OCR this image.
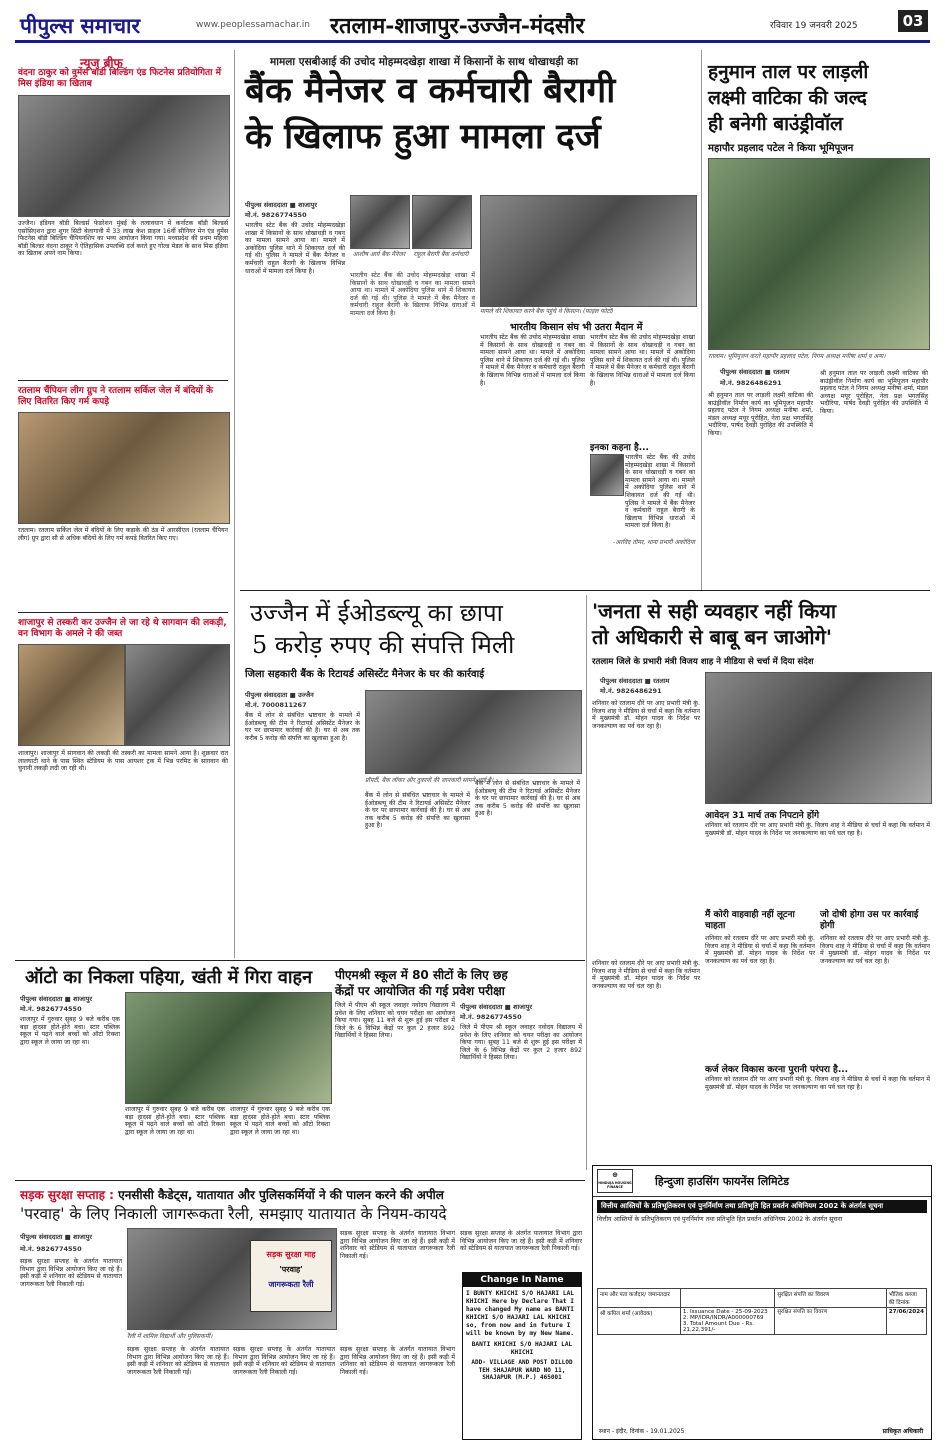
पीपुल्स समाचार	www.peoplessamachar.in रतलाम-शाजापुर-उज्जैन-मंदसौर	रविवार 19 जनवरी 2025	03
न्यूज ब्रीफ
वंदना ठाकुर को वुमेंस बॉडी बिल्डिंग एंड फिटनेस प्रतियोगिता में मिस इंडिया का खिताब
उज्जैन। इंडियन बॉडी बिल्डर्स फेडरेशन मुंबई के तत्वावधान में कर्नाटक बॉडी बिल्डर्स एसोसिएशन द्वारा शुगर सिटी बेलागावी में 33 लाख केश प्राइज 16वीं सीनियर मेन एंड वुमेंस फिटनेस बॉडी बिल्डिंग चैंपियनशिप का भव्य आयोजन किया गया। मध्यप्रदेश की प्रथम महिला बॉडी बिल्डर वंदना ठाकुर ने ऐतिहासिक उपलब्धि दर्ज करते हुए गोल्ड मेडल के साथ मिस इंडिया का खिताब अपने नाम किया।
रतलाम चैंपियन लीग ग्रुप ने रतलाम सर्किल जेल में बंदियों के लिए वितरित किए गर्म कपड़े
रतलाम। रतलाम सर्किल जेल में बंदियों के लिए कड़ाके की ठंड में आरसीएल (रतलाम चैंपियन लीग) ग्रुप द्वारा सौ से अधिक बंदियों के लिए गर्म कपड़े वितरित किए गए।
शाजापुर से तस्करी कर उज्जैन ले जा रहे थे सागवान की लकड़ी, वन विभाग के अमले ने की जब्त
शाजापुर। शाजापुर में सागवान की लकड़ी की तस्करी का मामला सामने आया है। शुक्रवार रात लालघाटी थाने के पास स्थित स्टेडियम के पास आयशर ट्रक में भिन्न परमिट के साग़वान की चुनानी लकड़ी लदी जा रही थी।
मामला एसबीआई की उचोद मोहम्मदखेड़ा शाखा में किसानों के साथ धोखाधड़ी का
बैंक मैनेजर व कर्मचारी बैरागी
के खिलाफ हुआ मामला दर्ज
पीपुल्स संवाददाता ■ शाजापुर
मो.नं. 9826774550
भारतीय स्टेट बैंक की उचोद मोहम्मदखेड़ा शाखा में किसानों के साथ धोखाधड़ी व गबन का मामला सामने आया था। मामले में अकोदिया पुलिस थाने में शिकायत दर्ज की गई थी। पुलिस ने मामले में बैंक मैनेजर व कर्मचारी राहुल बैरागी के खिलाफ विभिन्न धाराओं में मामला दर्ज किया है।
आशीष आर्य बैंक मैनेजर	राहुल बैरागी बैंक कर्मचारी
भारतीय स्टेट बैंक की उचोद मोहम्मदखेड़ा शाखा में किसानों के साथ धोखाधड़ी व गबन का मामला सामने आया था। मामले में अकोदिया पुलिस थाने में शिकायत दर्ज की गई थी। पुलिस ने मामले में बैंक मैनेजर व कर्मचारी राहुल बैरागी के खिलाफ विभिन्न धाराओं में मामला दर्ज किया है।	मामले की शिकायत करने बैंक पहुंचे थे किसान। (फाइल फोटो)
भारतीय किसान संघ भी उतरा मैदान में
भारतीय स्टेट बैंक की उचोद मोहम्मदखेड़ा शाखा में किसानों के साथ धोखाधड़ी व गबन का मामला सामने आया था। मामले में अकोदिया पुलिस थाने में शिकायत दर्ज की गई थी। पुलिस ने मामले में बैंक मैनेजर व कर्मचारी राहुल बैरागी के खिलाफ विभिन्न धाराओं में मामला दर्ज किया है।
भारतीय स्टेट बैंक की उचोद मोहम्मदखेड़ा शाखा में किसानों के साथ धोखाधड़ी व गबन का मामला सामने आया था। मामले में अकोदिया पुलिस थाने में शिकायत दर्ज की गई थी। पुलिस ने मामले में बैंक मैनेजर व कर्मचारी राहुल बैरागी के खिलाफ विभिन्न धाराओं में मामला दर्ज किया है।
इनका कहना है...
भारतीय स्टेट बैंक की उचोद मोहम्मदखेड़ा शाखा में किसानों के साथ धोखाधड़ी व गबन का मामला सामने आया था। मामले में अकोदिया पुलिस थाने में शिकायत दर्ज की गई थी। पुलिस ने मामले में बैंक मैनेजर व कर्मचारी राहुल बैरागी के खिलाफ विभिन्न धाराओं में मामला दर्ज किया है।
-अरविंद तोमर, थाना प्रभारी अकोदिया
हनुमान ताल पर लाड़ली
लक्ष्मी वाटिका की जल्द
ही बनेगी बाउंड्रीवॉल
महापौर प्रहलाद पटेल ने किया भूमिपूजन
रतलाम। भूमिपूजन करते महापौर प्रहलाद पटेल, निगम अध्यक्ष मनीषा शर्मा व अन्य।
पीपुल्स संवाददाता ■ रतलाम
मो.नं. 9826486291
श्री हनुमान ताल पर लाड़ली लक्ष्मी वाटिका की बाउंड्रीवॉल निर्माण कार्य का भूमिपूजन महापौर प्रहलाद पटेल ने निगम अध्यक्ष मनीषा शर्मा, मंडल अध्यक्ष मयूर पुरोहित, नेता प्रक्ष भगतसिंह भदौरिया, पार्षद देवड़ी पुरोहित की उपस्थिति में किया।
श्री हनुमान ताल पर लाड़ली लक्ष्मी वाटिका की बाउंड्रीवॉल निर्माण कार्य का भूमिपूजन महापौर प्रहलाद पटेल ने निगम अध्यक्ष मनीषा शर्मा, मंडल अध्यक्ष मयूर पुरोहित, नेता प्रक्ष भगतसिंह भदौरिया, पार्षद देवड़ी पुरोहित की उपस्थिति में किया।
उज्जैन में ईओडब्ल्यू का छापा
5 करोड़ रुपए की संपत्ति मिली
जिला सहकारी बैंक के रिटायर्ड असिस्टेंट मैनेजर के घर की कार्रवाई
पीपुल्स संवाददाता ■ उज्जैन
मो.नं. 7000811267
बैंक में लोन से संबंधित भ्रष्टाचार के मामले में ईओडब्ल्यू की टीम ने रिटायर्ड असिस्टेंट मैनेजर के घर पर छापामार कार्रवाई की है। घर से अब तक करीब 5 करोड़ की संपत्ति का खुलासा हुआ है।
प्रॉपर्टी, बैंक लॉकर और दुकानों की जानकारी सामने आई है।
बैंक में लोन से संबंधित भ्रष्टाचार के मामले में ईओडब्ल्यू की टीम ने रिटायर्ड असिस्टेंट मैनेजर के घर पर छापामार कार्रवाई की है। घर से अब तक करीब 5 करोड़ की संपत्ति का खुलासा हुआ है।
बैंक में लोन से संबंधित भ्रष्टाचार के मामले में ईओडब्ल्यू की टीम ने रिटायर्ड असिस्टेंट मैनेजर के घर पर छापामार कार्रवाई की है। घर से अब तक करीब 5 करोड़ की संपत्ति का खुलासा हुआ है।
'जनता से सही व्यवहार नहीं किया
तो अधिकारी से बाबू बन जाओगे'
रतलाम जिले के प्रभारी मंत्री विजय शाह ने मीडिया से चर्चा में दिया संदेश
पीपुल्स संवाददाता ■ रतलाम
मो.नं. 9826486291
शनिवार को रतलाम दौरे पर आए प्रभारी मंत्री कुं. विजय शाह ने मीडिया से चर्चा में कहा कि वर्तमान में मुख्यमंत्री डॉ. मोहन यादव के निर्देश पर जनकल्याण का पर्व चल रहा है।
आवेदन 31 मार्च तक निपटाने होंगे
शनिवार को रतलाम दौरे पर आए प्रभारी मंत्री कुं. विजय शाह ने मीडिया से चर्चा में कहा कि वर्तमान में मुख्यमंत्री डॉ. मोहन यादव के निर्देश पर जनकल्याण का पर्व चल रहा है।
मैं कोरी वाहवाही नहीं लूटना चाहता
शनिवार को रतलाम दौरे पर आए प्रभारी मंत्री कुं. विजय शाह ने मीडिया से चर्चा में कहा कि वर्तमान में मुख्यमंत्री डॉ. मोहन यादव के निर्देश पर जनकल्याण का पर्व चल रहा है।
जो दोषी होगा उस पर कार्रवाई होगी
शनिवार को रतलाम दौरे पर आए प्रभारी मंत्री कुं. विजय शाह ने मीडिया से चर्चा में कहा कि वर्तमान में मुख्यमंत्री डॉ. मोहन यादव के निर्देश पर जनकल्याण का पर्व चल रहा है।
कर्ज लेकर विकास करना पुरानी परंपरा है...
शनिवार को रतलाम दौरे पर आए प्रभारी मंत्री कुं. विजय शाह ने मीडिया से चर्चा में कहा कि वर्तमान में मुख्यमंत्री डॉ. मोहन यादव के निर्देश पर जनकल्याण का पर्व चल रहा है।
शनिवार को रतलाम दौरे पर आए प्रभारी मंत्री कुं. विजय शाह ने मीडिया से चर्चा में कहा कि वर्तमान में मुख्यमंत्री डॉ. मोहन यादव के निर्देश पर जनकल्याण का पर्व चल रहा है।
ऑटो का निकला पहिया, खंती में गिरा वाहन
पीपुल्स संवाददाता ■ शाजापुर
मो.नं. 9826774550
शाजापुर में गुरुवार सुबह 9 बजे करीब एक बड़ा हादसा होते-होते बचा। स्टार पब्लिक स्कूल में पढ़ने वाले बच्चों को ऑटो रिक्शा द्वारा स्कूल ले जाया जा रहा था।
शाजापुर में गुरुवार सुबह 9 बजे करीब एक बड़ा हादसा होते-होते बचा। स्टार पब्लिक स्कूल में पढ़ने वाले बच्चों को ऑटो रिक्शा द्वारा स्कूल ले जाया जा रहा था।
शाजापुर में गुरुवार सुबह 9 बजे करीब एक बड़ा हादसा होते-होते बचा। स्टार पब्लिक स्कूल में पढ़ने वाले बच्चों को ऑटो रिक्शा द्वारा स्कूल ले जाया जा रहा था।
पीएमश्री स्कूल में 80 सीटों के लिए छह
केंद्रों पर आयोजित की गई प्रवेश परीक्षा
जिले में पीएम श्री स्कूल जवाहर नवोदय विद्यालय में प्रवेश के लिए शनिवार को चयन परीक्षा का आयोजन किया गया। सुबह 11 बजे से शुरू हुई इस परीक्षा में जिले के 6 विभिन्न केंद्रों पर कुल 2 हजार 892 विद्यार्थियों ने हिस्सा लिया।
पीपुल्स संवाददाता ■ शाजापुर
मो.नं. 9826774550
जिले में पीएम श्री स्कूल जवाहर नवोदय विद्यालय में प्रवेश के लिए शनिवार को चयन परीक्षा का आयोजन किया गया। सुबह 11 बजे से शुरू हुई इस परीक्षा में जिले के 6 विभिन्न केंद्रों पर कुल 2 हजार 892 विद्यार्थियों ने हिस्सा लिया।
सड़क सुरक्षा सप्ताह : एनसीसी कैडेट्स, यातायात और पुलिसकर्मियों ने की पालन करने की अपील
'परवाह' के लिए निकाली जागरूकता रैली, समझाए यातायात के नियम-कायदे
पीपुल्स संवाददाता ■ शाजापुर
मो.नं. 9826774550
सड़क सुरक्षा सप्ताह के अंतर्गत यातायात विभाग द्वारा विभिन्न आयोजन किए जा रहे हैं। इसी कड़ी में शनिवार को स्टेडियम से यातायात जागरूकता रैली निकाली गई।
सड़क सुरक्षा माह
'परवाह'
जागरूकता रैली
रैली में शामिल विद्यार्थी और पुलिसकर्मी।
सड़क सुरक्षा सप्ताह के अंतर्गत यातायात विभाग द्वारा विभिन्न आयोजन किए जा रहे हैं। इसी कड़ी में शनिवार को स्टेडियम से यातायात जागरूकता रैली निकाली गई।
सड़क सुरक्षा सप्ताह के अंतर्गत यातायात विभाग द्वारा विभिन्न आयोजन किए जा रहे हैं। इसी कड़ी में शनिवार को स्टेडियम से यातायात जागरूकता रैली निकाली गई।
सड़क सुरक्षा सप्ताह के अंतर्गत यातायात विभाग द्वारा विभिन्न आयोजन किए जा रहे हैं। इसी कड़ी में शनिवार को स्टेडियम से यातायात जागरूकता रैली निकाली गई।
सड़क सुरक्षा सप्ताह के अंतर्गत यातायात विभाग द्वारा विभिन्न आयोजन किए जा रहे हैं। इसी कड़ी में शनिवार को स्टेडियम से यातायात जागरूकता रैली निकाली गई।
सड़क सुरक्षा सप्ताह के अंतर्गत यातायात विभाग द्वारा विभिन्न आयोजन किए जा रहे हैं। इसी कड़ी में शनिवार को स्टेडियम से यातायात जागरूकता रैली निकाली गई।
Change In Name
I BUNTY KHICHI S/O HAJARI LAL KHICHI Here by Declare That I have changed My name as BANTI KHICHI S/O HAJARI LAL KHICHI so, from now and in future I will be known by my New Name.
BANTI KHICHI S/O HAJARI LAL KHICHI
ADD- VILLAGE AND POST DILLOD TEH SHAJAPUR WARD NO 11, SHAJAPUR (M.P.) 465001
⊕
HINDUJA HOUSING FINANCE	हिन्दुजा हाउसिंग फायनेंस लिमिटेड
वित्तीय आस्तियों के प्रतिभूतिकरण एवं पुनर्निर्माण तथा प्रतिभूति हित प्रवर्तन अधिनियम 2002 के अंतर्गत सूचना
वित्तीय आस्तियों के प्रतिभूतिकरण एवं पुनर्निर्माण तथा प्रतिभूति हित प्रवर्तन अधिनियम 2002 के अंतर्गत सूचना
नाम और पता कर्जदार/ जमानतदार		सुरक्षित संपत्ति का विवरण	भौतिक कब्जा की दिनांक
श्री कपिल शर्मा (आवेदक)	1. Issuance Date - 25-09-2023
2. MP/IDR/INDR/A000000769
3. Total Amount Due - Rs. 21,22,391/-	सुरक्षित संपत्ति का विवरण	27/06/2024
स्थान - इंदौर, दिनांक - 19.01.2025	प्राधिकृत अधिकारी
